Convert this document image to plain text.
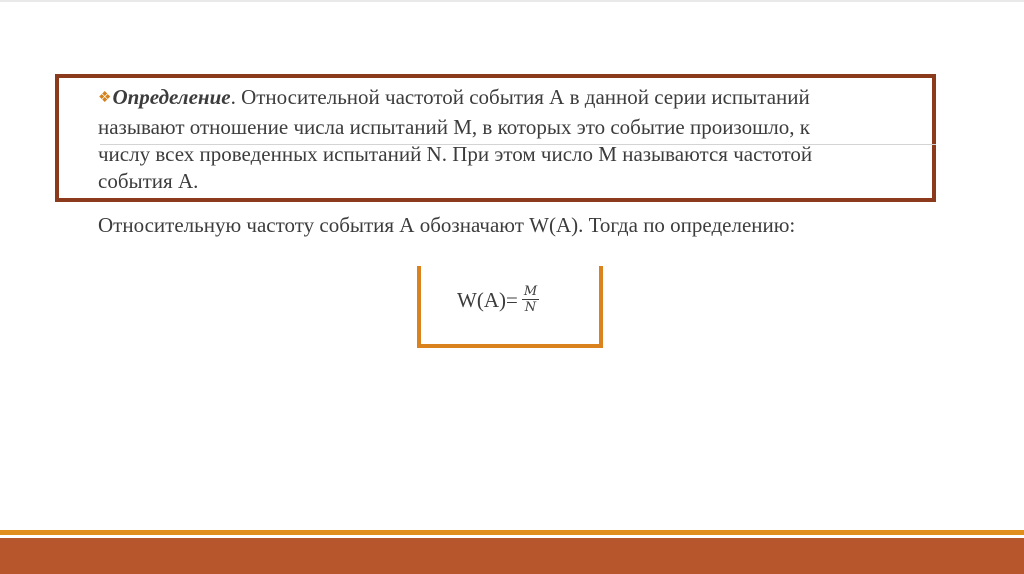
❖Определение. Относительной частотой события А в данной серии испытаний называют отношение числа испытаний М, в которых это событие произошло, к числу всех проведенных испытаний N. При этом число М называются частотой события А.
Относительную частоту события А обозначают W(A). Тогда по определению:
$W(A)= \frac{M}{N}$
